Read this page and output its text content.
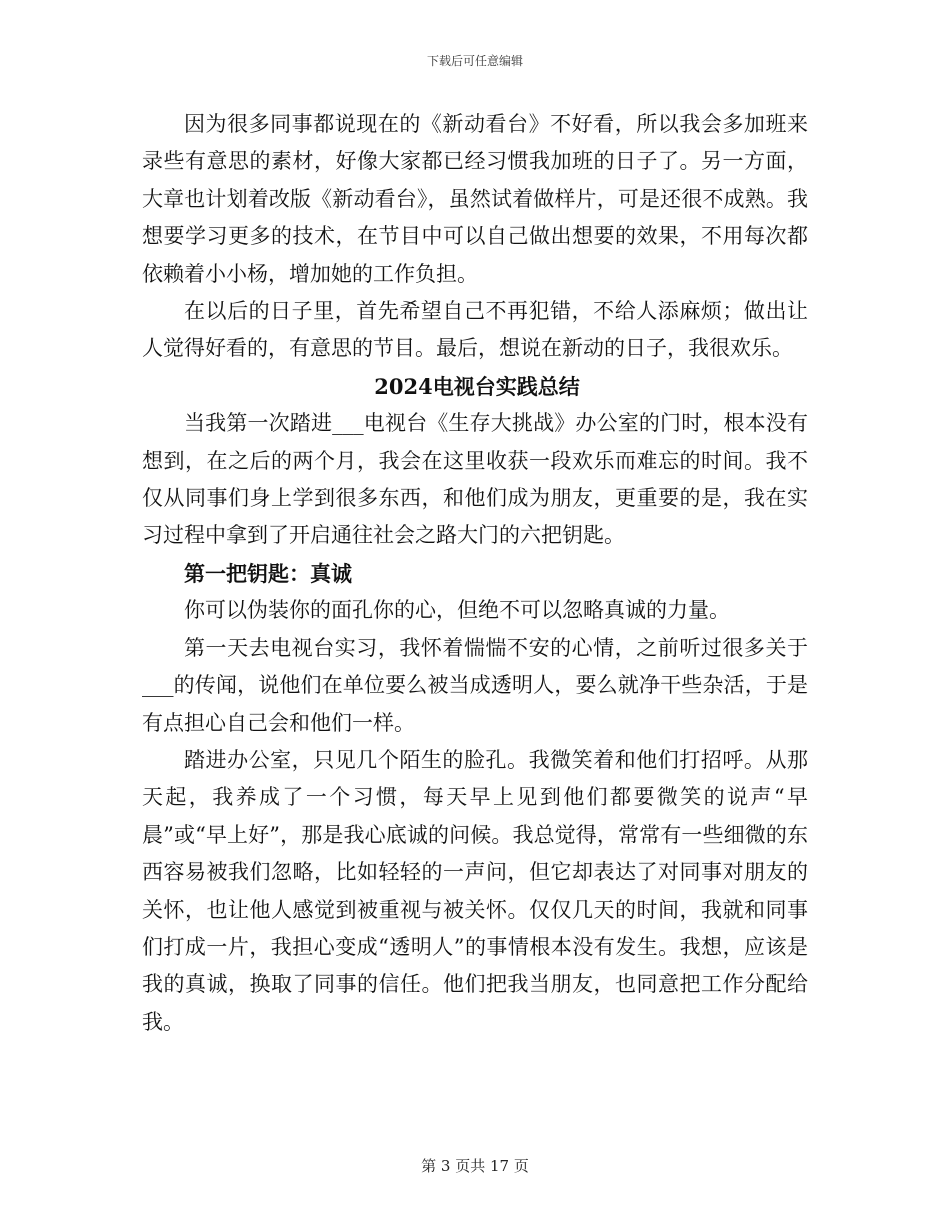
下载后可任意编辑

因为很多同事都说现在的《新动看台》不好看，所以我会多加班来录些有意思的素材，好像大家都已经习惯我加班的日子了。另一方面，大章也计划着改版《新动看台》，虽然试着做样片，可是还很不成熟。我想要学习更多的技术，在节目中可以自己做出想要的效果，不用每次都依赖着小小杨，增加她的工作负担。

在以后的日子里，首先希望自己不再犯错，不给人添麻烦；做出让人觉得好看的，有意思的节目。最后，想说在新动的日子，我很欢乐。

2024电视台实践总结

当我第一次踏进___电视台《生存大挑战》办公室的门时，根本没有想到，在之后的两个月，我会在这里收获一段欢乐而难忘的时间。我不仅从同事们身上学到很多东西，和他们成为朋友，更重要的是，我在实习过程中拿到了开启通往社会之路大门的六把钥匙。

第一把钥匙：真诚

你可以伪装你的面孔你的心，但绝不可以忽略真诚的力量。

第一天去电视台实习，我怀着惴惴不安的心情，之前听过很多关于___的传闻，说他们在单位要么被当成透明人，要么就净干些杂活，于是有点担心自己会和他们一样。

踏进办公室，只见几个陌生的脸孔。我微笑着和他们打招呼。从那天起，我养成了一个习惯，每天早上见到他们都要微笑的说声“早晨”或“早上好”，那是我心底诚的问候。我总觉得，常常有一些细微的东西容易被我们忽略，比如轻轻的一声问，但它却表达了对同事对朋友的关怀，也让他人感觉到被重视与被关怀。仅仅几天的时间，我就和同事们打成一片，我担心变成“透明人”的事情根本没有发生。我想，应该是我的真诚，换取了同事的信任。他们把我当朋友，也同意把工作分配给我。

第 3 页共 17 页
